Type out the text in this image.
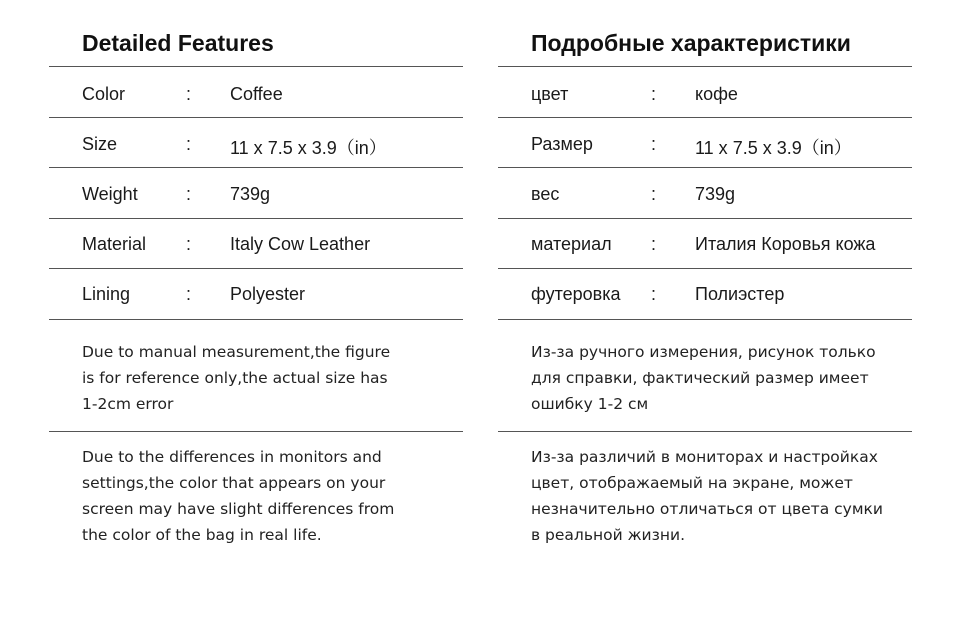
Detailed Features
Color	: Coffee
Size	: 11 x 7.5 x 3.9（in）
Weight	: 739g
Material : Italy Cow Leather
Lining	: Polyester
Due to manual measurement,the figure
is for reference only,the actual size has
1-2cm error
Due to the differences in monitors and
settings,the color that appears on your
screen may have slight differences from
the color of the bag in real life.
Подробные характеристики
цвет	: кофе
Размер	: 11 x 7.5 x 3.9（in）
вес	: 739g
материал : Италия Коровья кожа
футеровка : Полиэстер
Из-за ручного измерения, рисунок только
для справки, фактический размер имеет
ошибку 1-2 см
Из-за различий в мониторах и настройках
цвет, отображаемый на экране, может
незначительно отличаться от цвета сумки
в реальной жизни.
